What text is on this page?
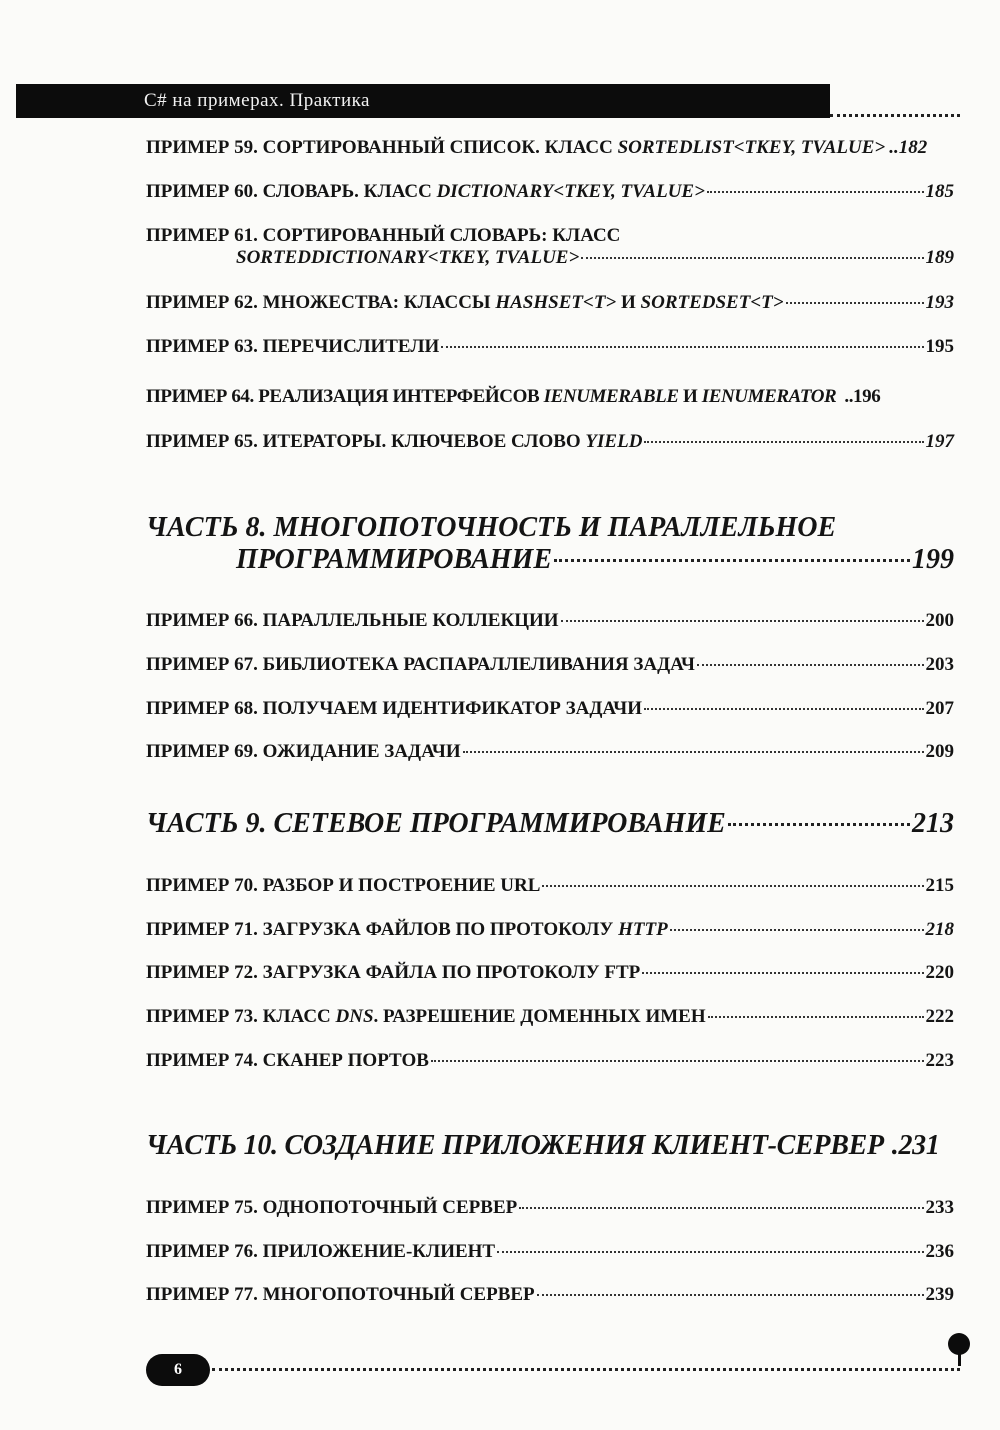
C# на примерах. Практика
ПРИМЕР 59. СОРТИРОВАННЫЙ СПИСОК. КЛАСС SORTEDLIST<TKEY, TVALUE> ..182
ПРИМЕР 60. СЛОВАРЬ. КЛАСС DICTIONARY<TKEY, TVALUE>	185
ПРИМЕР 61. СОРТИРОВАННЫЙ СЛОВАРЬ: КЛАСС
SORTEDDICTIONARY<TKEY, TVALUE>	189
ПРИМЕР 62. МНОЖЕСТВА: КЛАССЫ HASHSET<T> И SORTEDSET<T>	193
ПРИМЕР 63. ПЕРЕЧИСЛИТЕЛИ	195
ПРИМЕР 64. РЕАЛИЗАЦИЯ ИНТЕРФЕЙСОВ IENUMERABLE И IENUMERATOR ..196
ПРИМЕР 65. ИТЕРАТОРЫ. КЛЮЧЕВОЕ СЛОВО YIELD	197
ЧАСТЬ 8. МНОГОПОТОЧНОСТЬ И ПАРАЛЛЕЛЬНОЕ
ПРОГРАММИРОВАНИЕ	199
ПРИМЕР 66. ПАРАЛЛЕЛЬНЫЕ КОЛЛЕКЦИИ	200
ПРИМЕР 67. БИБЛИОТЕКА РАСПАРАЛЛЕЛИВАНИЯ ЗАДАЧ	203
ПРИМЕР 68. ПОЛУЧАЕМ ИДЕНТИФИКАТОР ЗАДАЧИ	207
ПРИМЕР 69. ОЖИДАНИЕ ЗАДАЧИ	209
ЧАСТЬ 9. СЕТЕВОЕ ПРОГРАММИРОВАНИЕ	213
ПРИМЕР 70. РАЗБОР И ПОСТРОЕНИЕ URL	215
ПРИМЕР 71. ЗАГРУЗКА ФАЙЛОВ ПО ПРОТОКОЛУ HTTP	218
ПРИМЕР 72. ЗАГРУЗКА ФАЙЛА ПО ПРОТОКОЛУ FTP	220
ПРИМЕР 73. КЛАСС DNS. РАЗРЕШЕНИЕ ДОМЕННЫХ ИМЕН	222
ПРИМЕР 74. СКАНЕР ПОРТОВ	223
ЧАСТЬ 10. СОЗДАНИЕ ПРИЛОЖЕНИЯ КЛИЕНТ-СЕРВЕР .231
ПРИМЕР 75. ОДНОПОТОЧНЫЙ СЕРВЕР	233
ПРИМЕР 76. ПРИЛОЖЕНИЕ-КЛИЕНТ	236
ПРИМЕР 77. МНОГОПОТОЧНЫЙ СЕРВЕР	239
6
